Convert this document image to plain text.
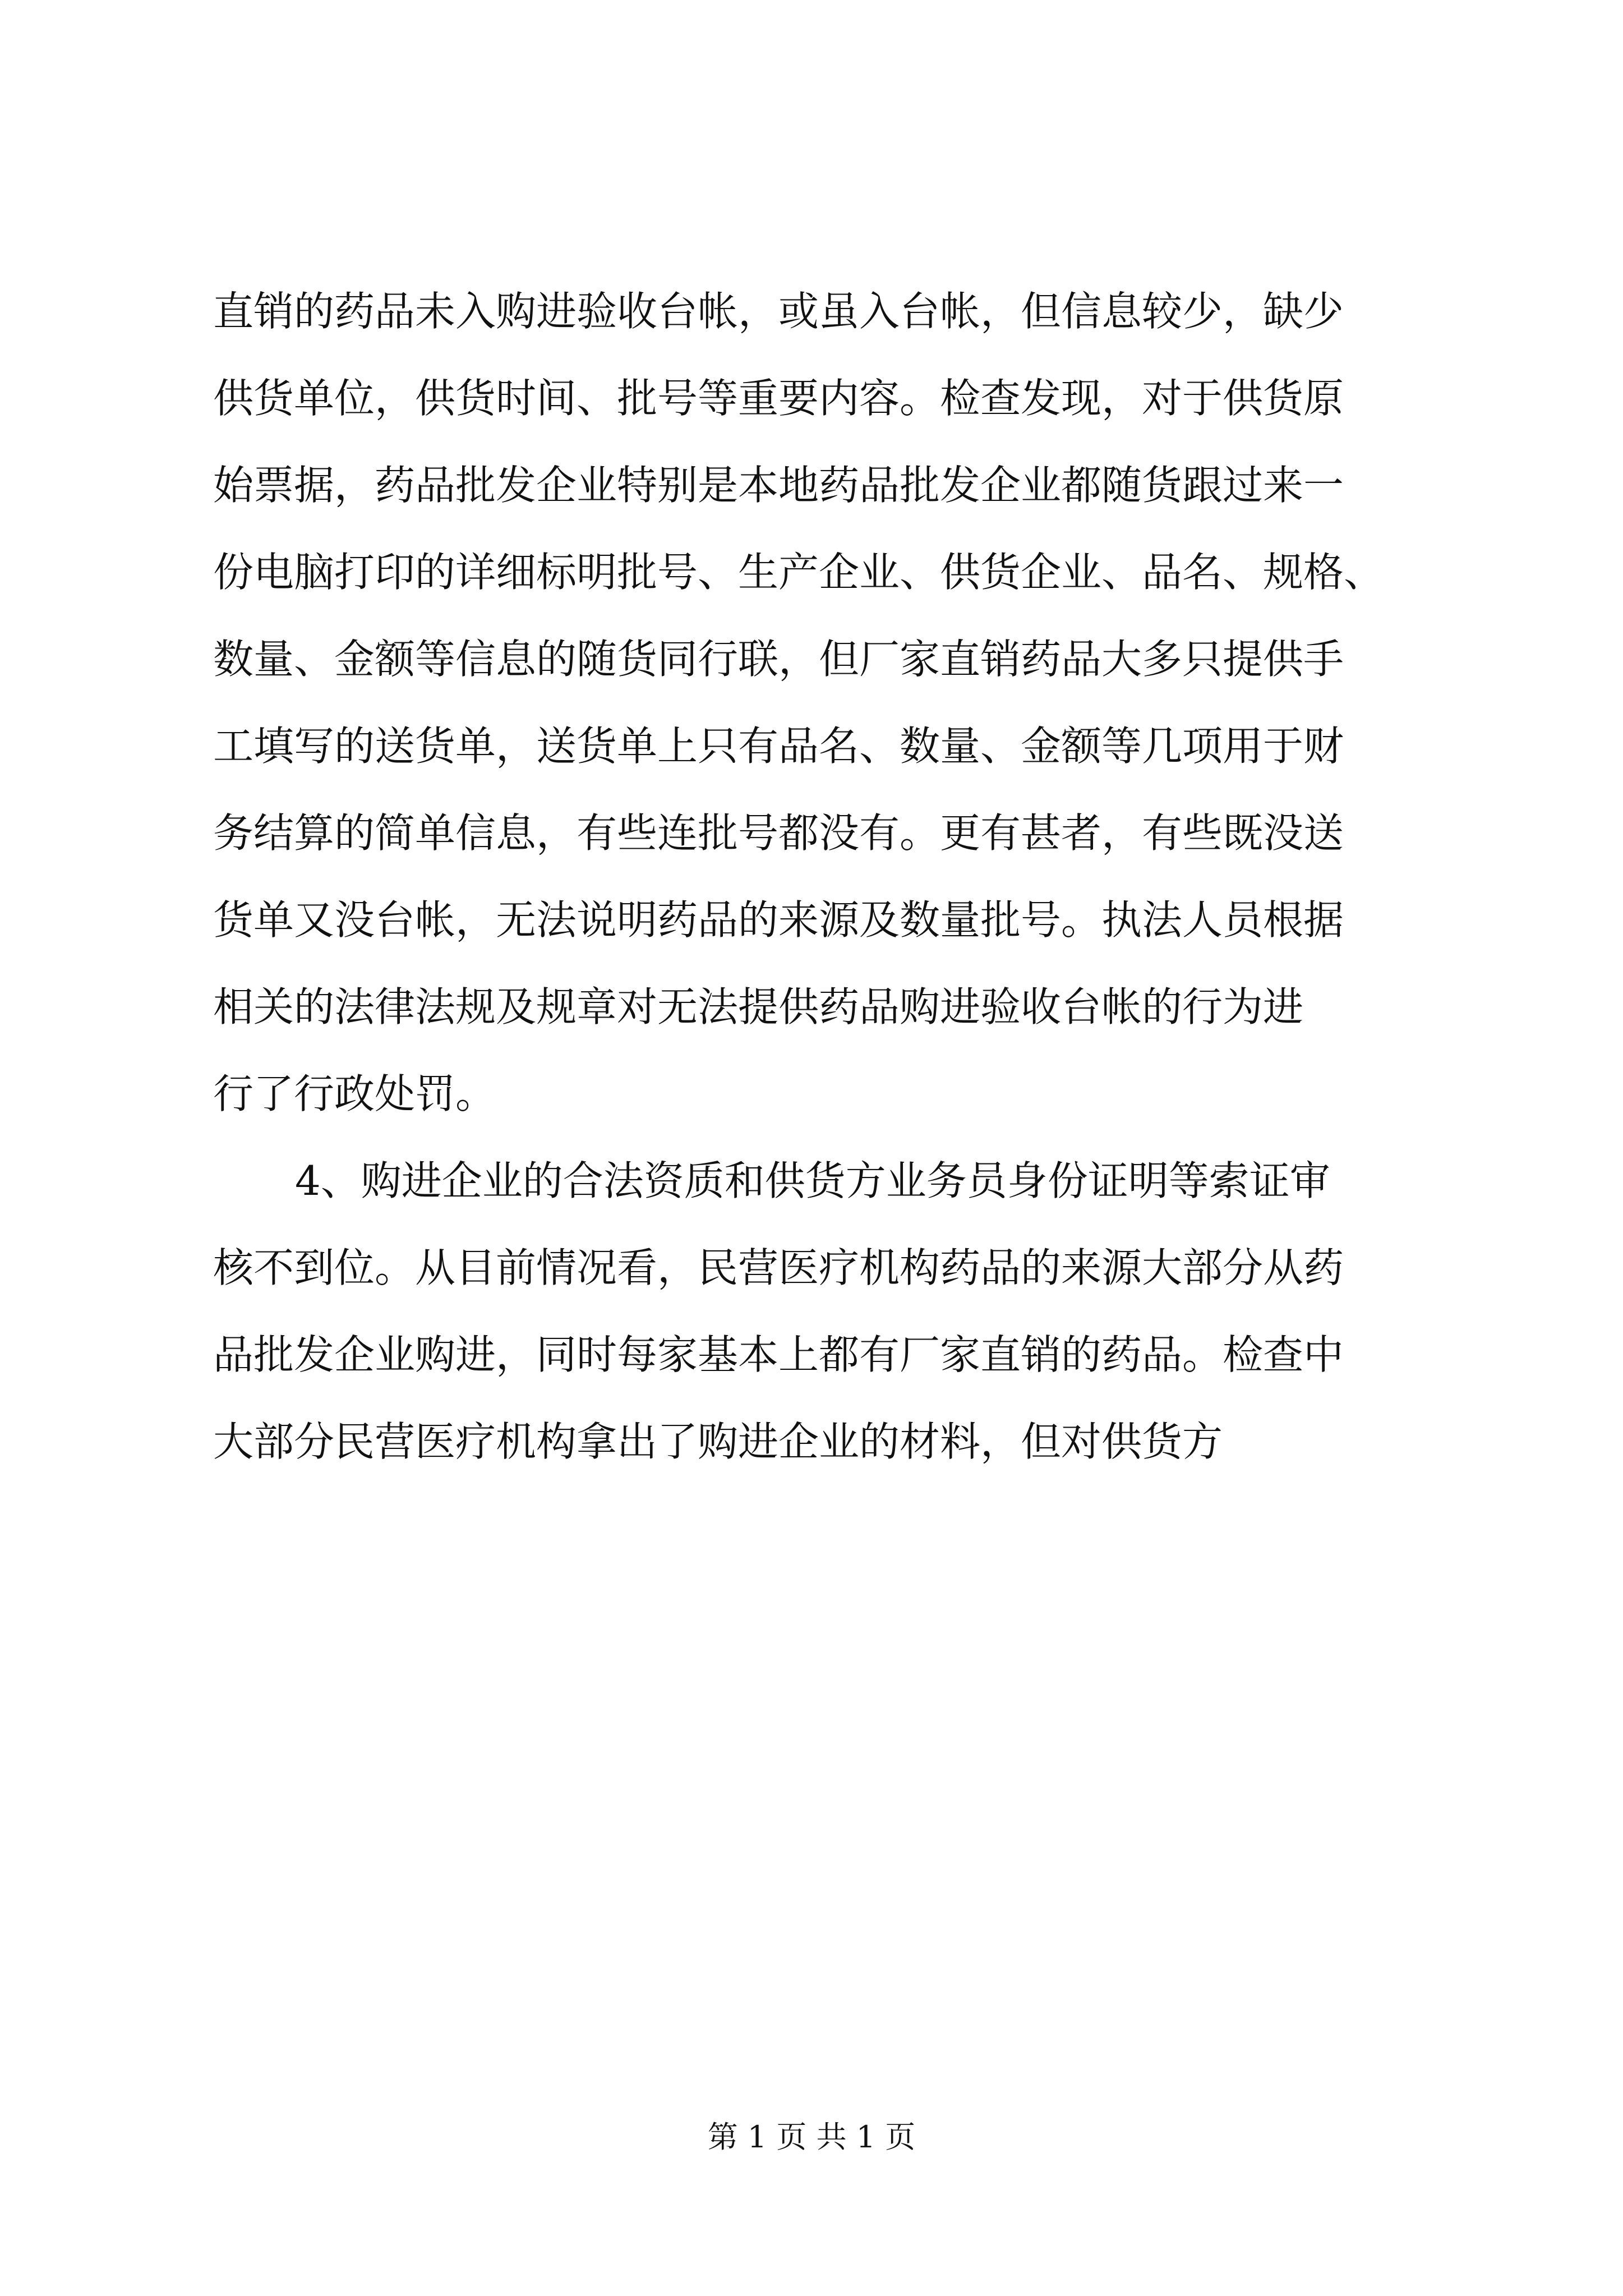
直销的药品未入购进验收台帐，或虽入台帐，但信息较少，缺少
供货单位，供货时间、批号等重要内容。检查发现，对于供货原
始票据，药品批发企业特别是本地药品批发企业都随货跟过来一
份电脑打印的详细标明批号、生产企业、供货企业、品名、规格、
数量、金额等信息的随货同行联，但厂家直销药品大多只提供手
工填写的送货单，送货单上只有品名、数量、金额等几项用于财
务结算的简单信息，有些连批号都没有。更有甚者，有些既没送
货单又没台帐，无法说明药品的来源及数量批号。执法人员根据
相关的法律法规及规章对无法提供药品购进验收台帐的行为进
行了行政处罚。
4、购进企业的合法资质和供货方业务员身份证明等索证审
核不到位。从目前情况看，民营医疗机构药品的来源大部分从药
品批发企业购进，同时每家基本上都有厂家直销的药品。检查中
大部分民营医疗机构拿出了购进企业的材料，但对供货方
第 1 页 共 1 页
